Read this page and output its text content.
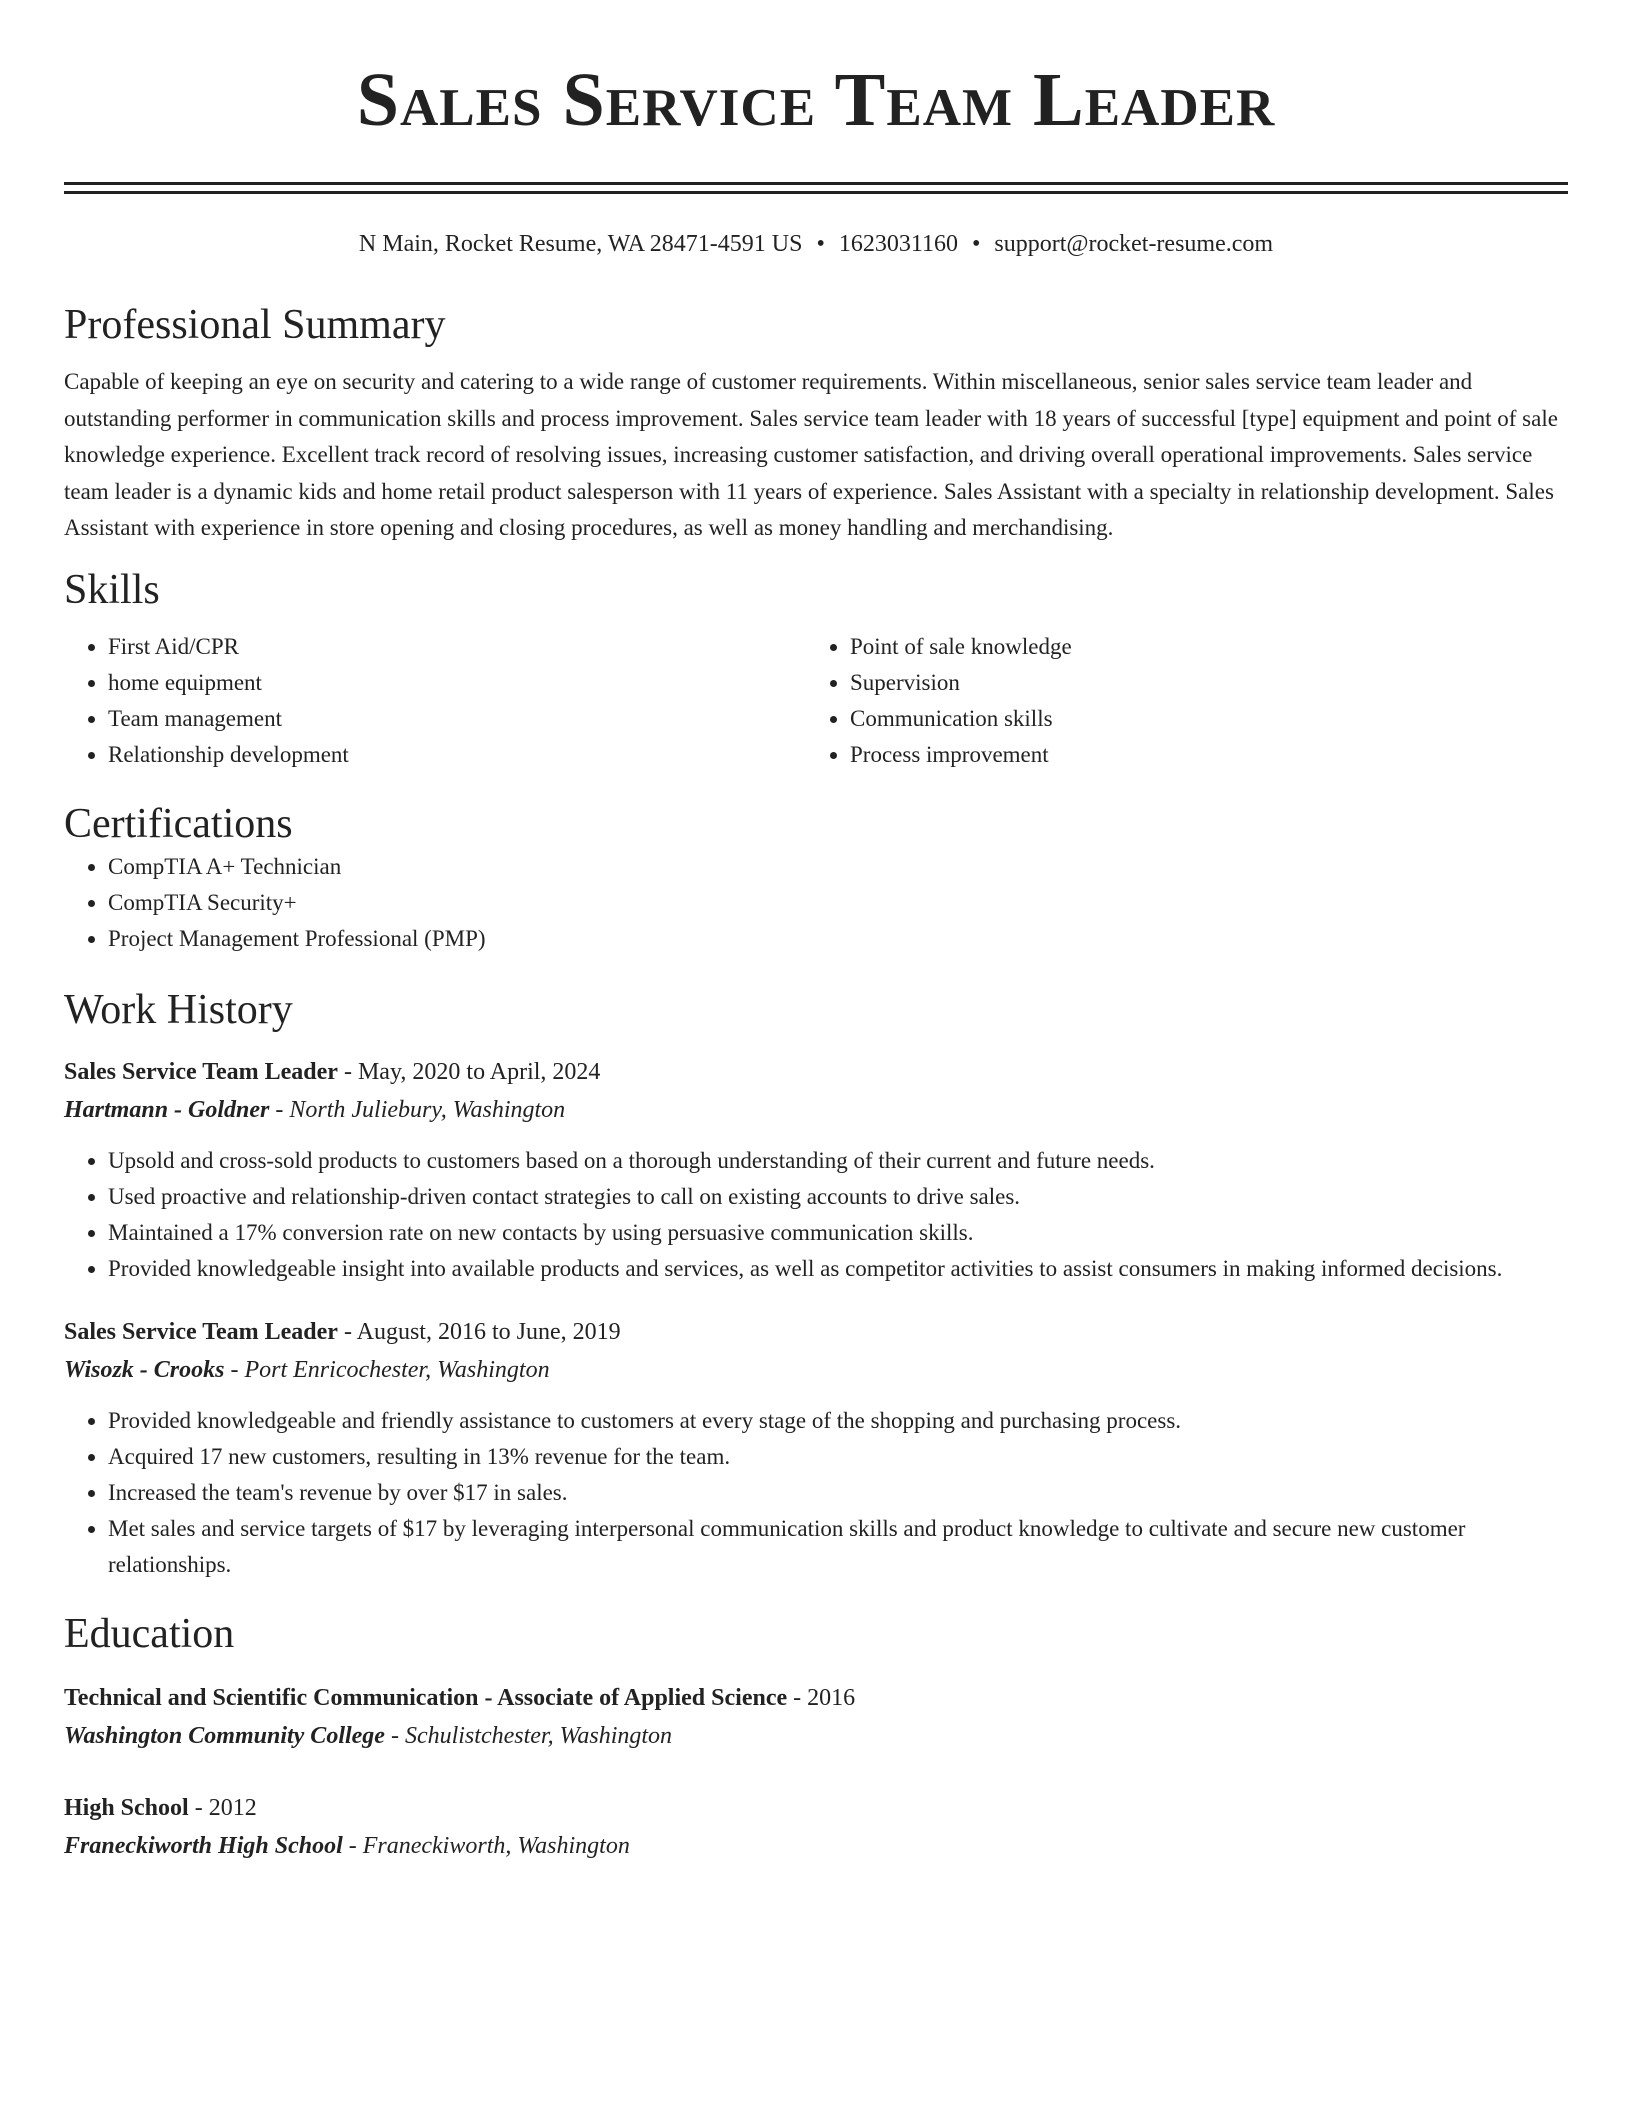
Sales Service Team Leader
N Main, Rocket Resume, WA 28471-4591 US • 1623031160 • support@rocket-resume.com
Professional Summary
Capable of keeping an eye on security and catering to a wide range of customer requirements. Within miscellaneous, senior sales service team leader and outstanding performer in communication skills and process improvement. Sales service team leader with 18 years of successful [type] equipment and point of sale knowledge experience. Excellent track record of resolving issues, increasing customer satisfaction, and driving overall operational improvements. Sales service team leader is a dynamic kids and home retail product salesperson with 11 years of experience. Sales Assistant with a specialty in relationship development. Sales Assistant with experience in store opening and closing procedures, as well as money handling and merchandising.
Skills
• First Aid/CPR
• home equipment
• Team management
• Relationship development
• Point of sale knowledge
• Supervision
• Communication skills
• Process improvement
Certifications
• CompTIA A+ Technician
• CompTIA Security+
• Project Management Professional (PMP)
Work History
Sales Service Team Leader - May, 2020 to April, 2024
Hartmann - Goldner - North Juliebury, Washington
• Upsold and cross-sold products to customers based on a thorough understanding of their current and future needs.
• Used proactive and relationship-driven contact strategies to call on existing accounts to drive sales.
• Maintained a 17% conversion rate on new contacts by using persuasive communication skills.
• Provided knowledgeable insight into available products and services, as well as competitor activities to assist consumers in making informed decisions.
Sales Service Team Leader - August, 2016 to June, 2019
Wisozk - Crooks - Port Enricochester, Washington
• Provided knowledgeable and friendly assistance to customers at every stage of the shopping and purchasing process.
• Acquired 17 new customers, resulting in 13% revenue for the team.
• Increased the team's revenue by over $17 in sales.
• Met sales and service targets of $17 by leveraging interpersonal communication skills and product knowledge to cultivate and secure new customer relationships.
Education
Technical and Scientific Communication - Associate of Applied Science - 2016
Washington Community College - Schulistchester, Washington
High School - 2012
Franeckiworth High School - Franeckiworth, Washington
